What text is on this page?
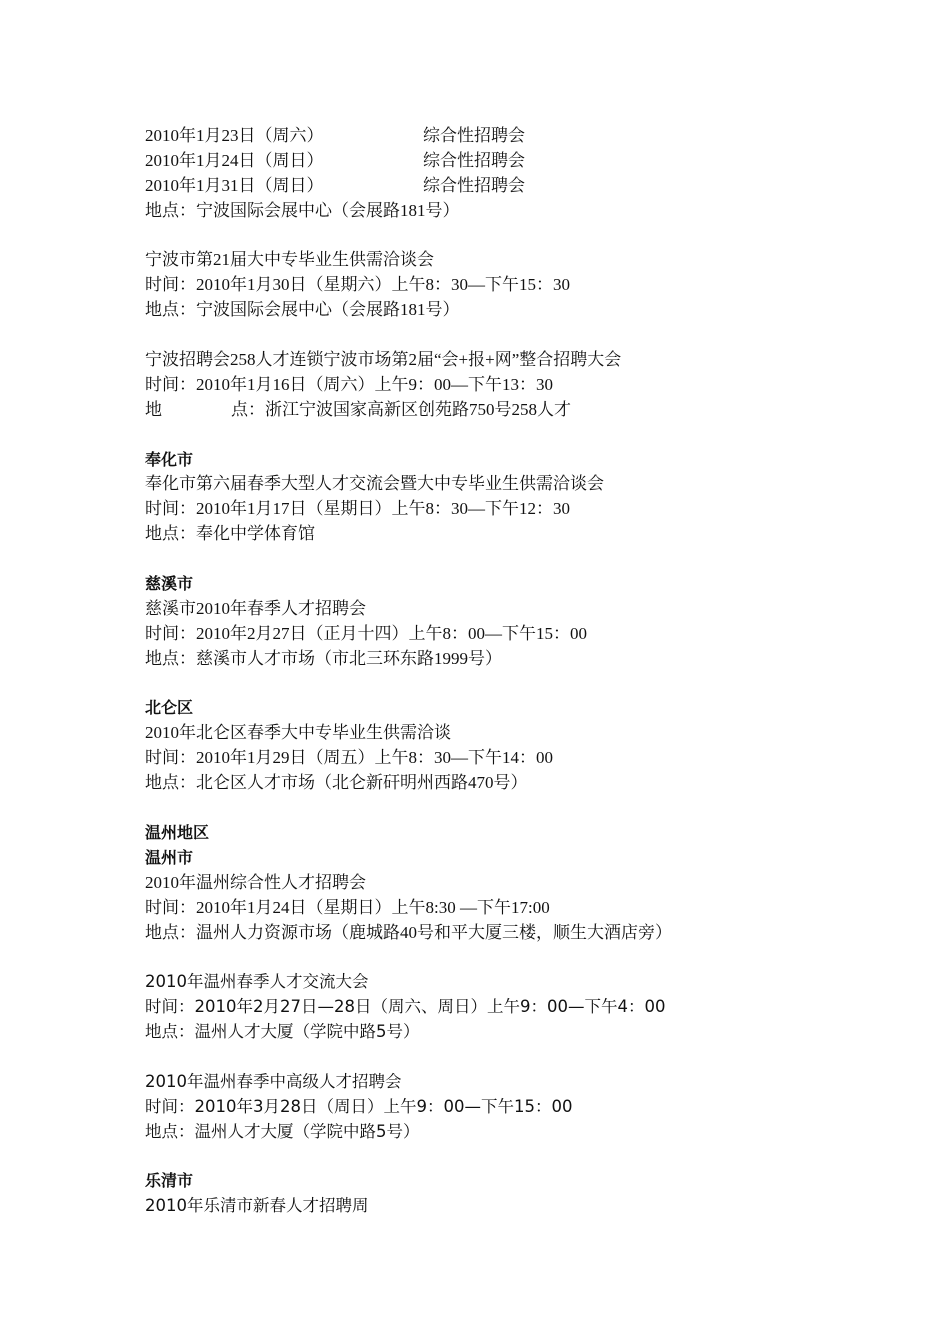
2010年1月23日（周六）	综合性招聘会
2010年1月24日（周日）	综合性招聘会
2010年1月31日（周日）	综合性招聘会
地点：宁波国际会展中心（会展路181号）
宁波市第21届大中专毕业生供需洽谈会
时间：2010年1月30日（星期六）上午8：30—下午15：30
地点：宁波国际会展中心（会展路181号）
宁波招聘会258人才连锁宁波市场第2届“会+报+网”整合招聘大会
时间：2010年1月16日（周六）上午9：00—下午13：30
地	点：浙江宁波国家高新区创苑路750号258人才
奉化市
奉化市第六届春季大型人才交流会暨大中专毕业生供需洽谈会
时间：2010年1月17日（星期日）上午8：30—下午12：30
地点：奉化中学体育馆
慈溪市
慈溪市2010年春季人才招聘会
时间：2010年2月27日（正月十四）上午8：00—下午15：00
地点：慈溪市人才市场（市北三环东路1999号）
北仑区
2010年北仑区春季大中专毕业生供需洽谈
时间：2010年1月29日（周五）上午8：30—下午14：00
地点：北仑区人才市场（北仑新矸明州西路470号）
温州地区
温州市
2010年温州综合性人才招聘会
时间：2010年1月24日（星期日）上午8:30 —下午17:00
地点：温州人力资源市场（鹿城路40号和平大厦三楼，顺生大酒店旁）
2010年温州春季人才交流大会
时间：2010年2月27日—28日（周六、周日）上午9：00—下午4：00
地点：温州人才大厦（学院中路5号）
2010年温州春季中高级人才招聘会
时间：2010年3月28日（周日）上午9：00—下午15：00
地点：温州人才大厦（学院中路5号）
乐清市
2010年乐清市新春人才招聘周
